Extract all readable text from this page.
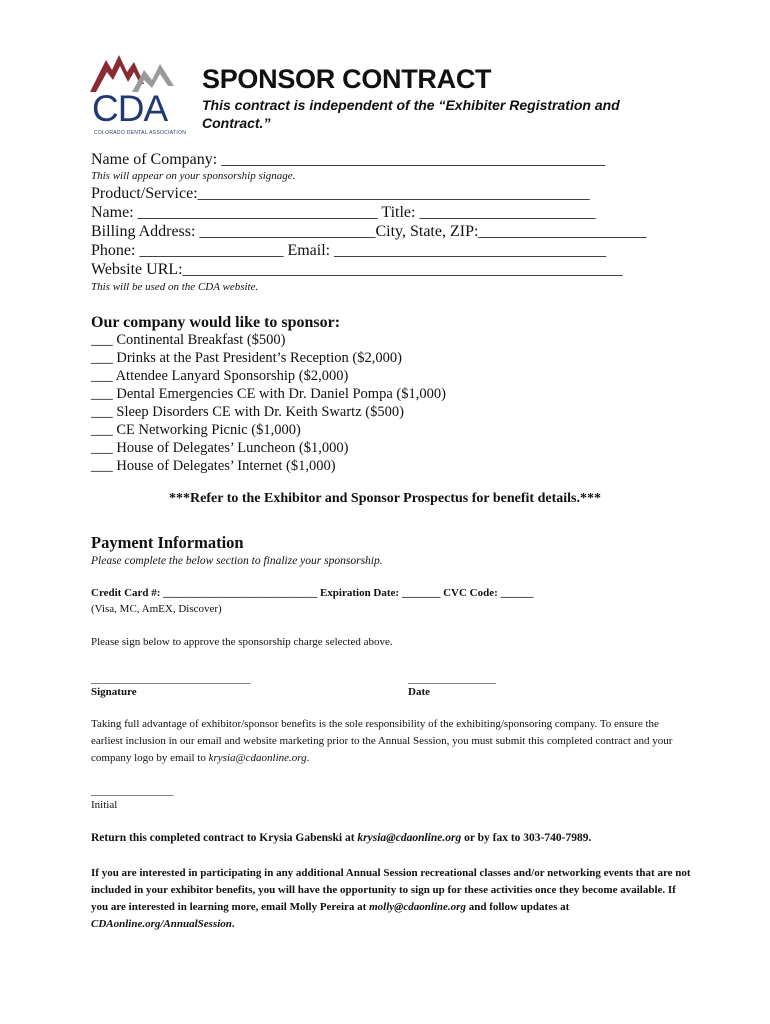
CDA
COLORADO DENTAL ASSOCIATION
SPONSOR CONTRACT
This contract is independent of the “Exhibiter Registration and Contract.”
Name of Company: ________________________________________________
This will appear on your sponsorship signage.
Product/Service:_________________________________________________
Name: ______________________________ Title: ______________________
Billing Address: ______________________City, State, ZIP:_____________________
Phone: __________________ Email: __________________________________
Website URL:_______________________________________________________
This will be used on the CDA website.
Our company would like to sponsor:
___ Continental Breakfast ($500)
___ Drinks at the Past President’s Reception ($2,000)
___ Attendee Lanyard Sponsorship ($2,000)
___ Dental Emergencies CE with Dr. Daniel Pompa ($1,000)
___ Sleep Disorders CE with Dr. Keith Swartz ($500)
___ CE Networking Picnic ($1,000)
___ House of Delegates’ Luncheon ($1,000)
___ House of Delegates’ Internet ($1,000)
***Refer to the Exhibitor and Sponsor Prospectus for benefit details.***
Payment Information
Please complete the below section to finalize your sponsorship.
Credit Card #: ____________________________ Expiration Date: _______ CVC Code: ______
(Visa, MC, AmEX, Discover)
Please sign below to approve the sponsorship charge selected above.
_____________________________
Signature
________________
Date
Taking full advantage of exhibitor/sponsor benefits is the sole responsibility of the exhibiting/sponsoring company. To ensure the earliest inclusion in our email and website marketing prior to the Annual Session, you must submit this completed contract and your company logo by email to krysia@cdaonline.org.
_______________
Initial
Return this completed contract to Krysia Gabenski at krysia@cdaonline.org or by fax to 303-740-7989.
If you are interested in participating in any additional Annual Session recreational classes and/or networking events that are not included in your exhibitor benefits, you will have the opportunity to sign up for these activities once they become available. If you are interested in learning more, email Molly Pereira at molly@cdaonline.org and follow updates at CDAonline.org/AnnualSession.
